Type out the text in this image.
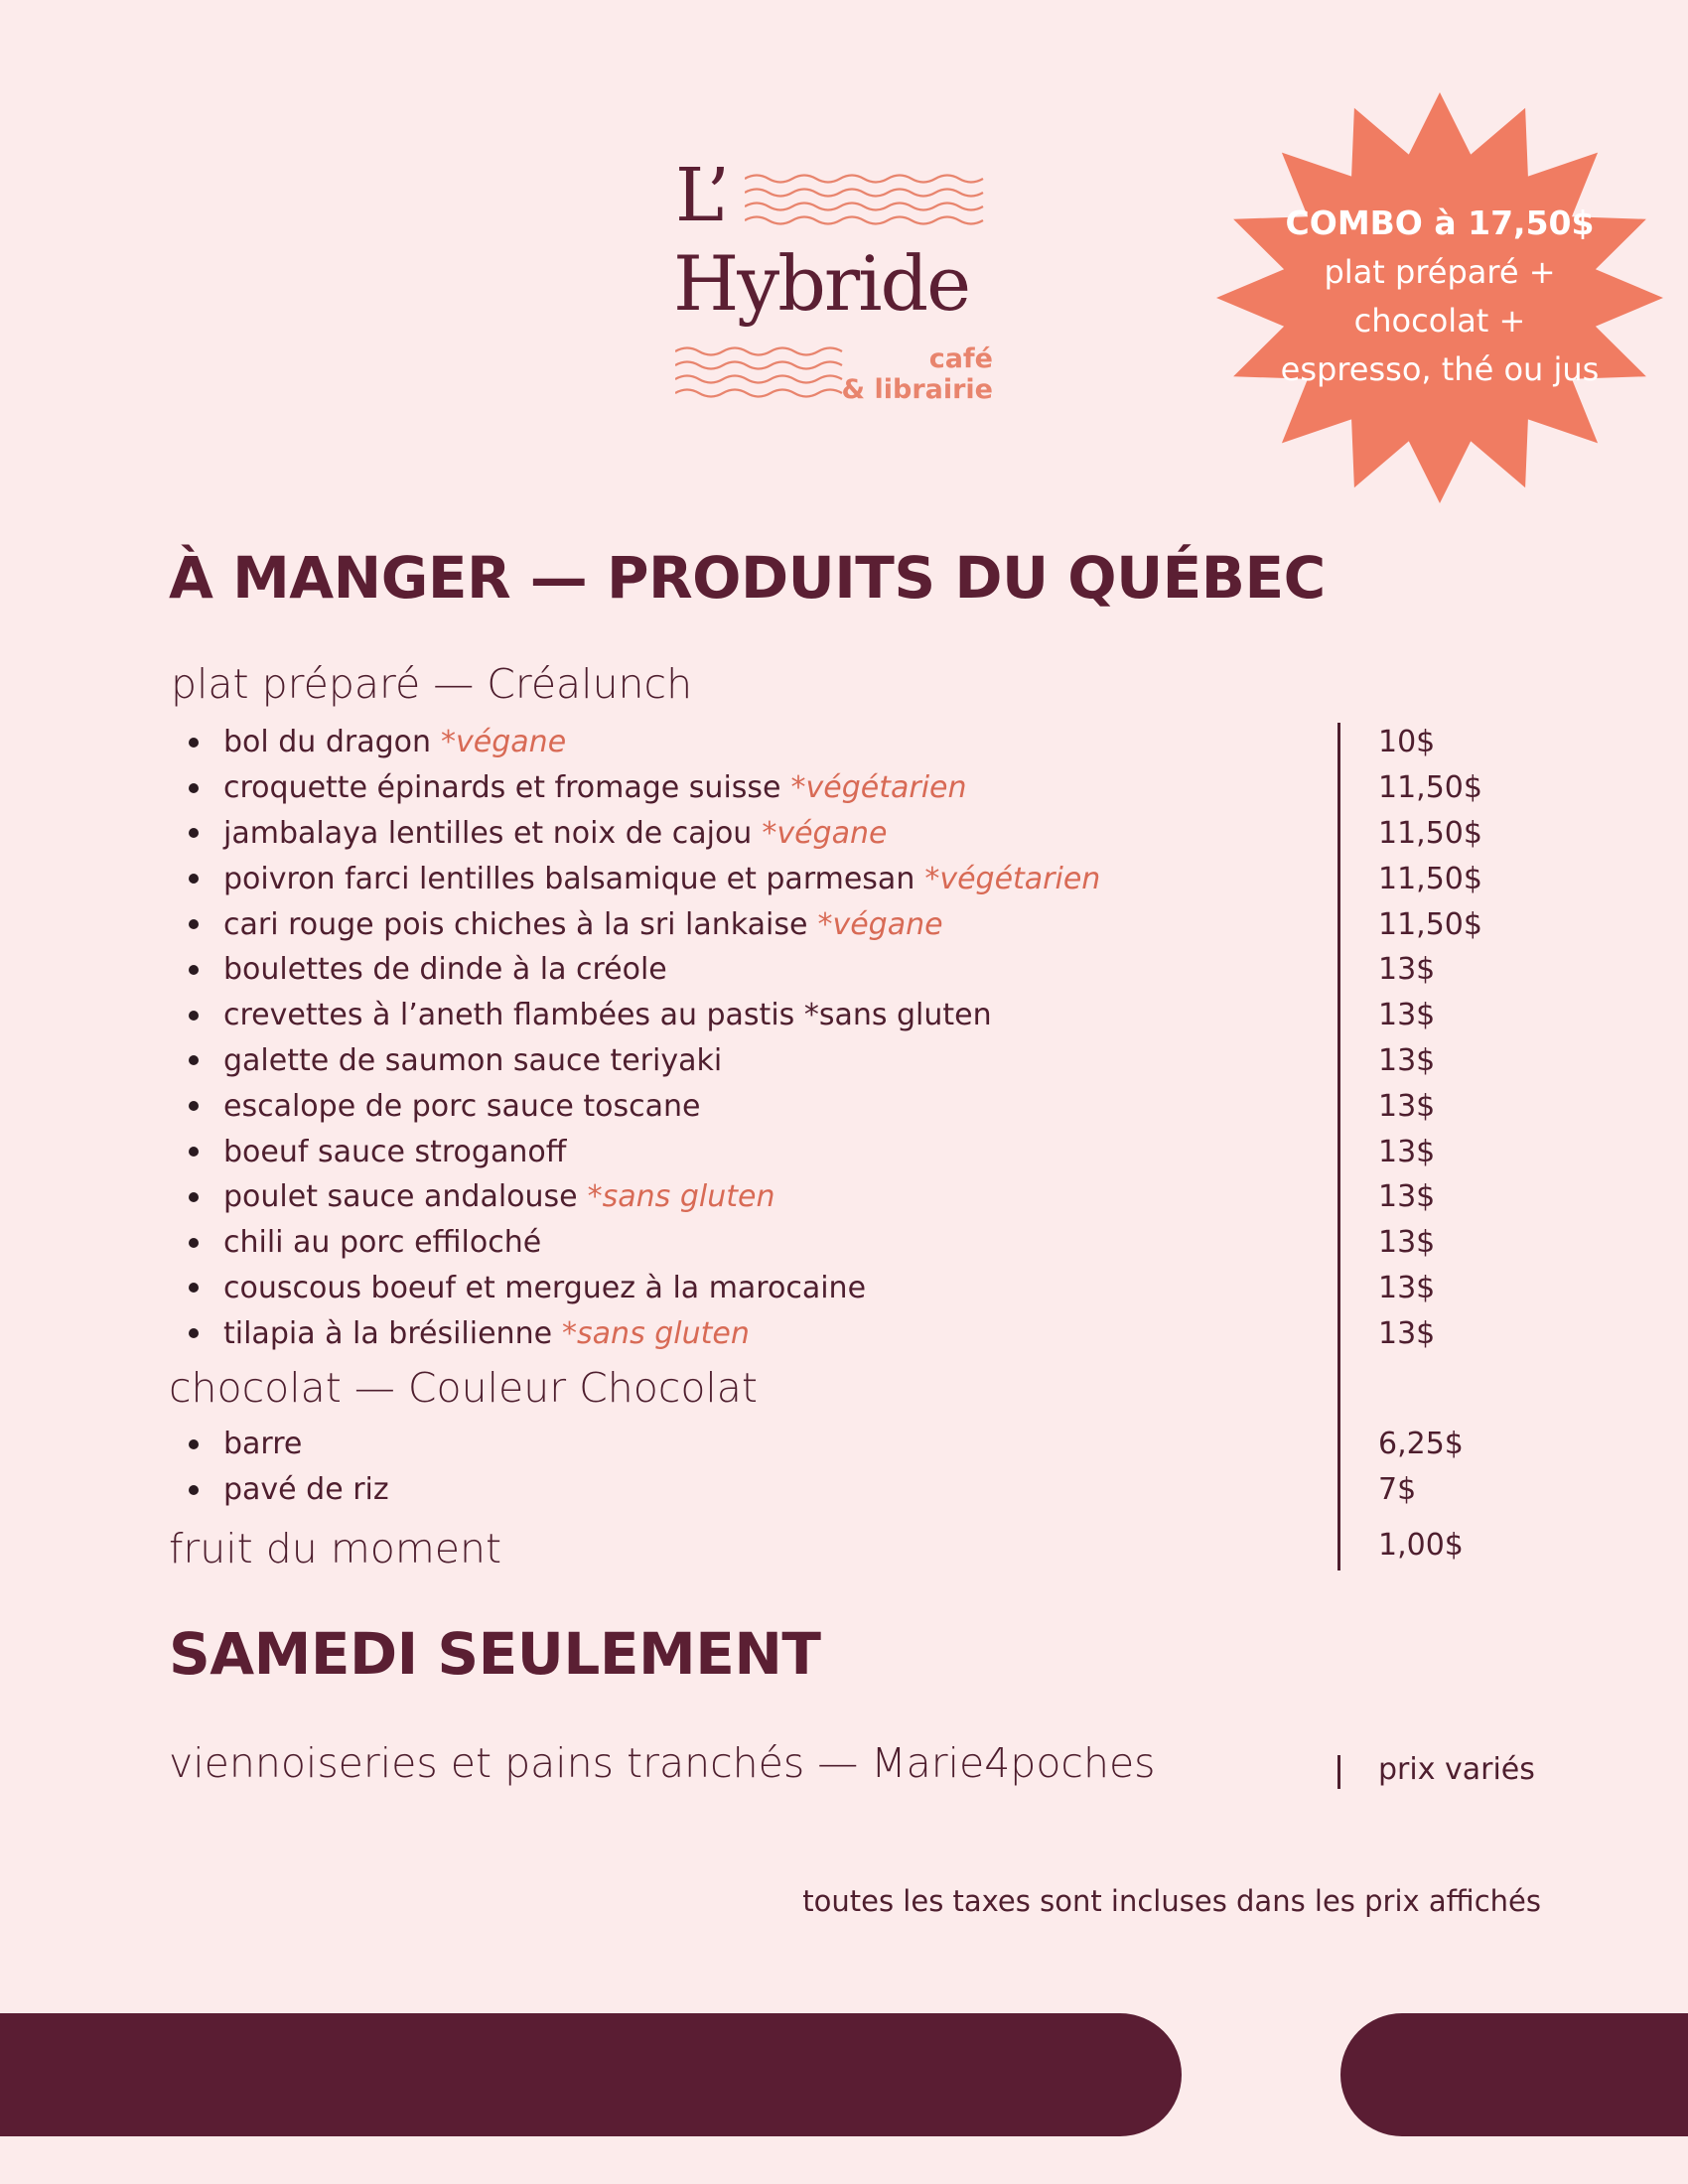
L’
Hybride
café
& librairie
COMBO à 17,50$
plat préparé +
chocolat +
espresso, thé ou jus
À MANGER — PRODUITS DU QUÉBEC
plat préparé — Créalunch
bol du dragon *végane	10$
croquette épinards et fromage suisse *végétarien	11,50$
jambalaya lentilles et noix de cajou *végane	11,50$
poivron farci lentilles balsamique et parmesan *végétarien	11,50$
cari rouge pois chiches à la sri lankaise *végane	11,50$
boulettes de dinde à la créole	13$
crevettes à l’aneth flambées au pastis *sans gluten	13$
galette de saumon sauce teriyaki	13$
escalope de porc sauce toscane	13$
boeuf sauce stroganoff	13$
poulet sauce andalouse *sans gluten	13$
chili au porc effiloché	13$
couscous boeuf et merguez à la marocaine	13$
tilapia à la brésilienne *sans gluten	13$
chocolat — Couleur Chocolat
barre	6,25$
pavé de riz	7$
fruit du moment	1,00$
SAMEDI SEULEMENT
viennoiseries et pains tranchés — Marie4poches	prix variés
toutes les taxes sont incluses dans les prix affichés
